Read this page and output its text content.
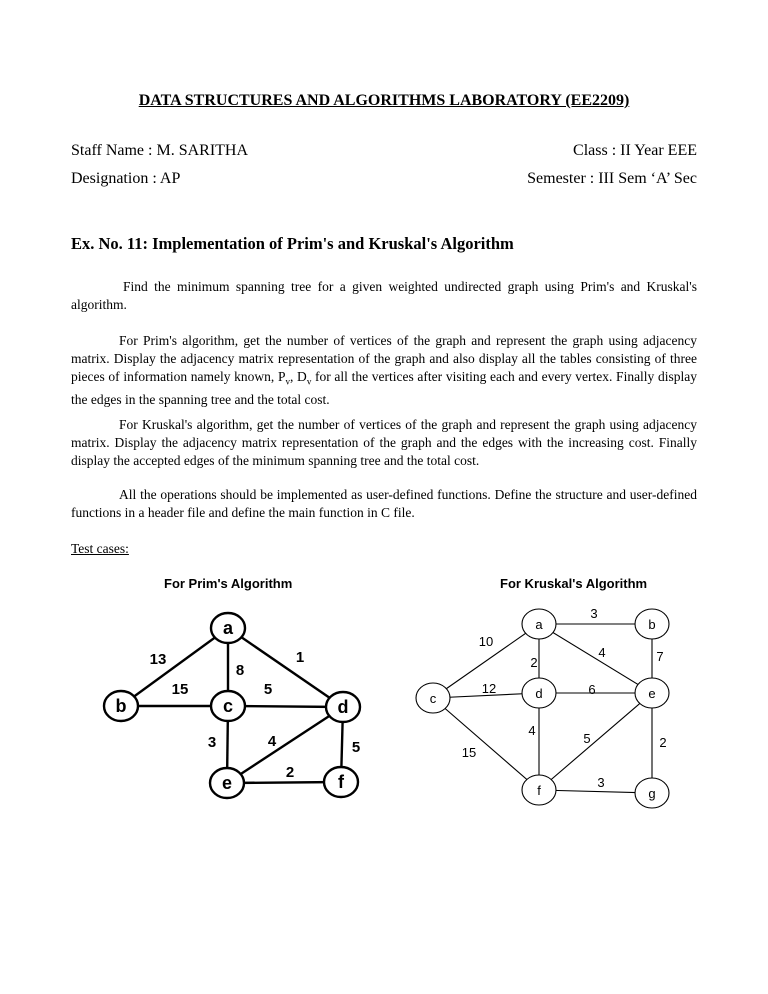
DATA STRUCTURES AND ALGORITHMS LABORATORY (EE2209)
Staff Name : M. SARITHA	Class : II Year EEE
Designation : AP	Semester : III Sem ‘A’ Sec
Ex. No. 11: Implementation of Prim's and Kruskal's Algorithm

Find the minimum spanning tree for a given weighted undirected graph using Prim's and Kruskal's algorithm.

For Prim's algorithm, get the number of vertices of the graph and represent the graph using adjacency matrix. Display the adjacency matrix representation of the graph and also display all the tables consisting of three pieces of information namely known, $P_v$, $D_v$ for all the vertices after visiting each and every vertex. Finally display the edges in the spanning tree and the total cost.

For Kruskal's algorithm, get the number of vertices of the graph and represent the graph using adjacency matrix. Display the adjacency matrix representation of the graph and the edges with the increasing cost. Finally display the accepted edges of the minimum spanning tree and the total cost.

All the operations should be implemented as user-defined functions. Define the structure and user-defined functions in a header file and define the main function in C file.

Test cases:
For Prim's Algorithm	For Kruskal's Algorithm
13
8
1
15	5
3	4	5
2
a
b	c	d
e	f
3
10
2
4	7
12
15
6
4
5	2
3
a	b
c	d	e
f	g
